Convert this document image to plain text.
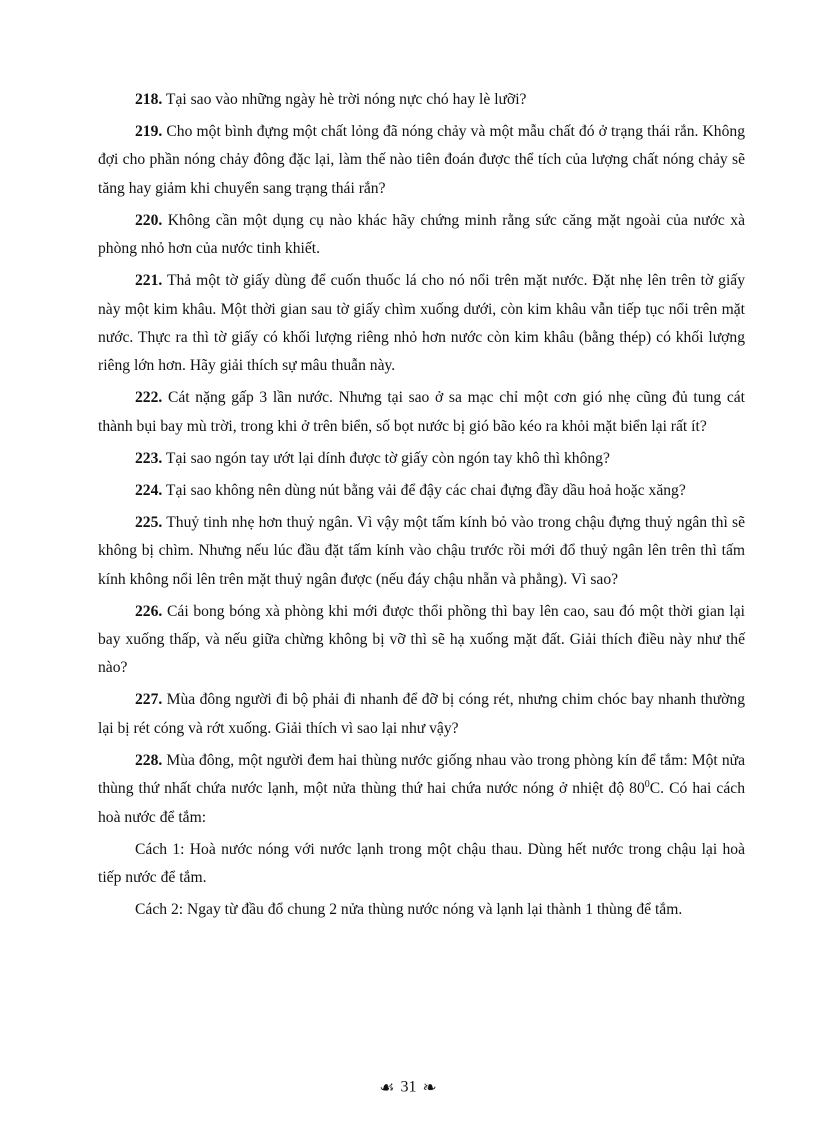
218. Tại sao vào những ngày hè trời nóng nực chó hay lè lưỡi?

219. Cho một bình đựng một chất lỏng đã nóng chảy và một mẫu chất đó ở trạng thái rắn. Không đợi cho phần nóng chảy đông đặc lại, làm thế nào tiên đoán được thể tích của lượng chất nóng chảy sẽ tăng hay giảm khi chuyển sang trạng thái rắn?

220. Không cần một dụng cụ nào khác hãy chứng minh rằng sức căng mặt ngoài của nước xà phòng nhỏ hơn của nước tinh khiết.

221. Thả một tờ giấy dùng để cuốn thuốc lá cho nó nổi trên mặt nước. Đặt nhẹ lên trên tờ giấy này một kim khâu. Một thời gian sau tờ giấy chìm xuống dưới, còn kim khâu vẫn tiếp tục nổi trên mặt nước. Thực ra thì tờ giấy có khối lượng riêng nhỏ hơn nước còn kim khâu (bằng thép) có khối lượng riêng lớn hơn. Hãy giải thích sự mâu thuẫn này.

222. Cát nặng gấp 3 lần nước. Nhưng tại sao ở sa mạc chỉ một cơn gió nhẹ cũng đủ tung cát thành bụi bay mù trời, trong khi ở trên biển, số bọt nước bị gió bão kéo ra khỏi mặt biển lại rất ít?

223. Tại sao ngón tay ướt lại dính được tờ giấy còn ngón tay khô thì không?

224. Tại sao không nên dùng nút bằng vải để đậy các chai đựng đầy dầu hoả hoặc xăng?

225. Thuỷ tinh nhẹ hơn thuỷ ngân. Vì vậy một tấm kính bỏ vào trong chậu đựng thuỷ ngân thì sẽ không bị chìm. Nhưng nếu lúc đầu đặt tấm kính vào chậu trước rồi mới đổ thuỷ ngân lên trên thì tấm kính không nổi lên trên mặt thuỷ ngân được (nếu đáy chậu nhẵn và phẳng). Vì sao?

226. Cái bong bóng xà phòng khi mới được thổi phồng thì bay lên cao, sau đó một thời gian lại bay xuống thấp, và nếu giữa chừng không bị vỡ thì sẽ hạ xuống mặt đất. Giải thích điều này như thế nào?

227. Mùa đông người đi bộ phải đi nhanh để đỡ bị cóng rét, nhưng chim chóc bay nhanh thường lại bị rét cóng và rớt xuống. Giải thích vì sao lại như vậy?

228. Mùa đông, một người đem hai thùng nước giống nhau vào trong phòng kín để tắm: Một nửa thùng thứ nhất chứa nước lạnh, một nửa thùng thứ hai chứa nước nóng ở nhiệt độ $80^0C$. Có hai cách hoà nước để tắm:

Cách 1: Hoà nước nóng với nước lạnh trong một chậu thau. Dùng hết nước trong chậu lại hoà tiếp nước để tắm.

Cách 2: Ngay từ đầu đổ chung 2 nửa thùng nước nóng và lạnh lại thành 1 thùng để tắm.

☙ 31 ❧
